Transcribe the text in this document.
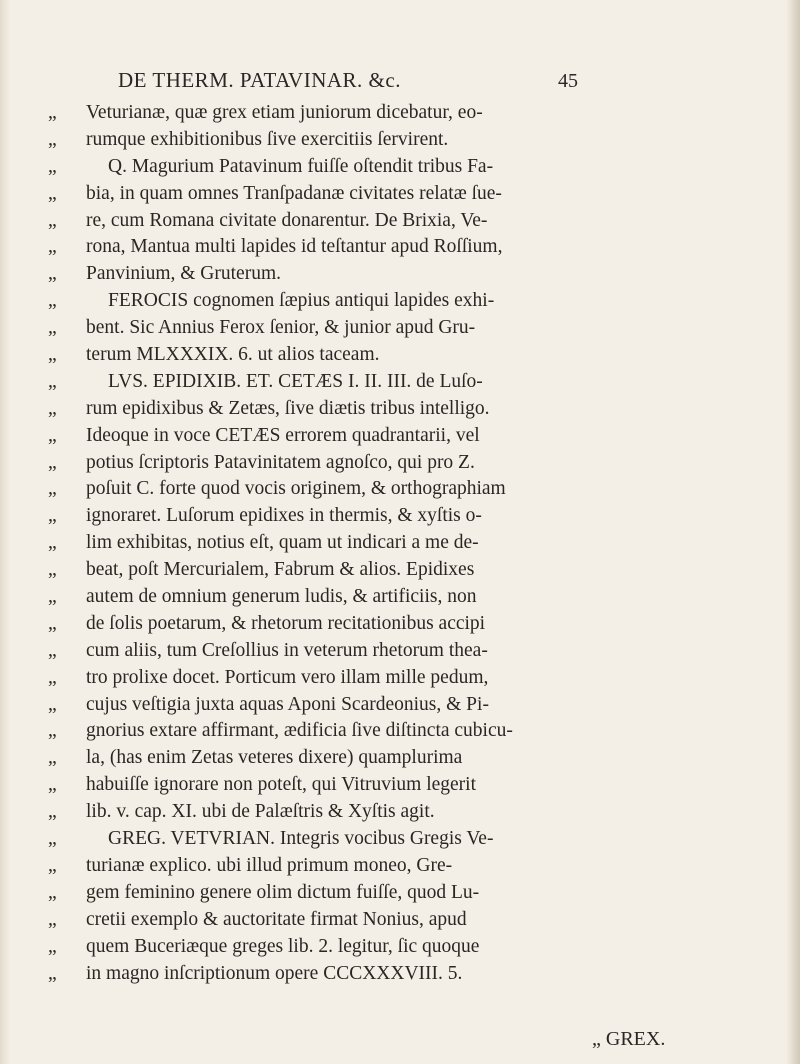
DE THERM. PATAVINAR. &c.	45
„	Veturianæ, quæ grex etiam juniorum dicebatur, eo-
„	rumque exhibitionibus ſive exercitiis ſervirent.
„	Q. Magurium Patavinum fuiſſe oſtendit tribus Fa-
„	bia, in quam omnes Tranſpadanæ civitates relatæ ſue-
„	re, cum Romana civitate donarentur. De Brixia, Ve-
„	rona, Mantua multi lapides id teſtantur apud Roſſium,
„	Panvinium, & Gruterum.
„	FEROCIS cognomen ſæpius antiqui lapides exhi-
„	bent. Sic Annius Ferox ſenior, & junior apud Gru-
„	terum MLXXXIX. 6. ut alios taceam.
„	LVS. EPIDIXIB. ET. CETÆS I. II. III. de Luſo-
„	rum epidixibus & Zetæs, ſive diætis tribus intelligo.
„	Ideoque in voce CETÆS errorem quadrantarii, vel
„	potius ſcriptoris Patavinitatem agnoſco, qui pro Z.
„	poſuit C. forte quod vocis originem, & orthographiam
„	ignoraret. Luſorum epidixes in thermis, & xyſtis o-
„	lim exhibitas, notius eſt, quam ut indicari a me de-
„	beat, poſt Mercurialem, Fabrum & alios. Epidixes
„	autem de omnium generum ludis, & artificiis, non
„	de ſolis poetarum, & rhetorum recitationibus accipi
„	cum aliis, tum Creſollius in veterum rhetorum thea-
„	tro prolixe docet. Porticum vero illam mille pedum,
„	cujus veſtigia juxta aquas Aponi Scardeonius, & Pi-
„	gnorius extare affirmant, ædificia ſive diſtincta cubicu-
„	la, (has enim Zetas veteres dixere) quamplurima
„	habuiſſe ignorare non poteſt, qui Vitruvium legerit
„	lib. v. cap. XI. ubi de Palæſtris & Xyſtis agit.
„	GREG. VETVRIAN. Integris vocibus Gregis Ve-
„	turianæ explico. ubi illud primum moneo, Gre-
„	gem feminino genere olim dictum fuiſſe, quod Lu-
„	cretii exemplo & auctoritate firmat Nonius, apud
„	quem Buceriæque greges lib. 2. legitur, ſic quoque
„	in magno inſcriptionum opere CCCXXXVIII. 5.
„ GREX.
